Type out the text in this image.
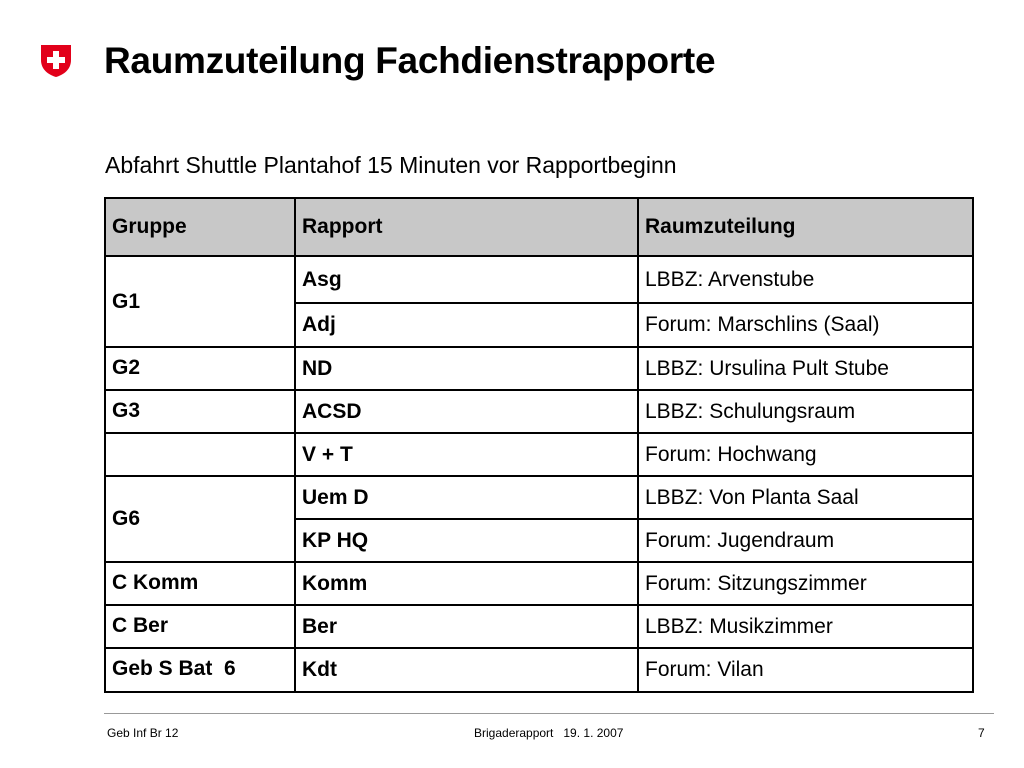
Raumzuteilung Fachdienstrapporte
Abfahrt Shuttle Plantahof 15 Minuten vor Rapportbeginn
Gruppe	Rapport	Raumzuteilung
G1	Asg	LBBZ: Arvenstube
	Adj	Forum: Marschlins (Saal)
G2	ND	LBBZ: Ursulina Pult Stube
G3	ACSD	LBBZ: Schulungsraum
	V + T	Forum: Hochwang
G6	Uem D	LBBZ: Von Planta Saal
	KP HQ	Forum: Jugendraum
C Komm	Komm	Forum: Sitzungszimmer
C Ber	Ber	LBBZ: Musikzimmer
Geb S Bat  6	Kdt	Forum: Vilan
Geb Inf Br 12	Brigaderapport   19. 1. 2007	7
